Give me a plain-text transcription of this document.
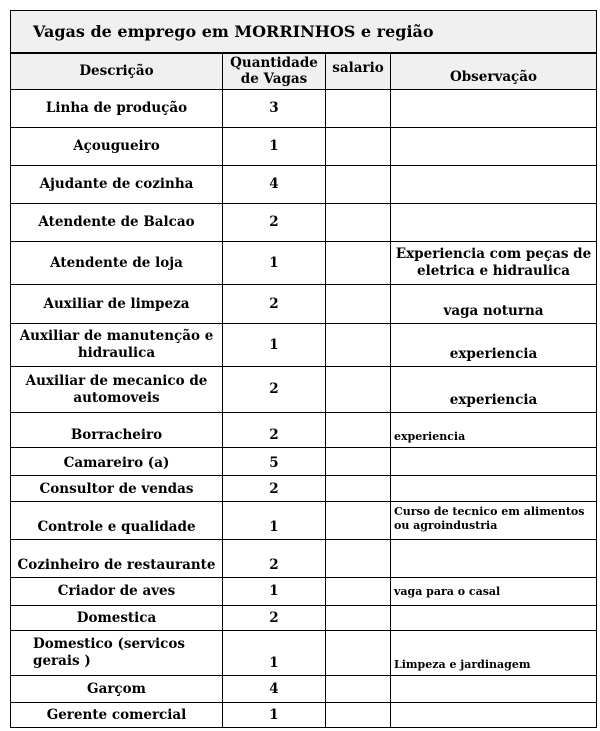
Vagas de emprego em MORRINHOS e região			
Descrição	Quantidade de Vagas	salario	Observação
Linha de produção	3		
Açougueiro	1		
Ajudante de cozinha	4		
Atendente de Balcao	2		
Atendente de loja	1		Experiencia com peças de eletrica e hidraulica
Auxiliar de limpeza	2		vaga noturna
Auxiliar de manutenção e hidraulica	1		experiencia
Auxiliar de mecanico de automoveis	2		experiencia
Borracheiro	2		experiencia
Camareiro (a)	5		
Consultor de vendas	2		
Controle e qualidade	1		Curso de tecnico em alimentos ou agroindustria
Cozinheiro de restaurante	2		
Criador de aves	1		vaga para o casal
Domestica	2		
Domestico (servicos gerais )	1		Limpeza e jardinagem
Garçom	4		
Gerente comercial	1		
